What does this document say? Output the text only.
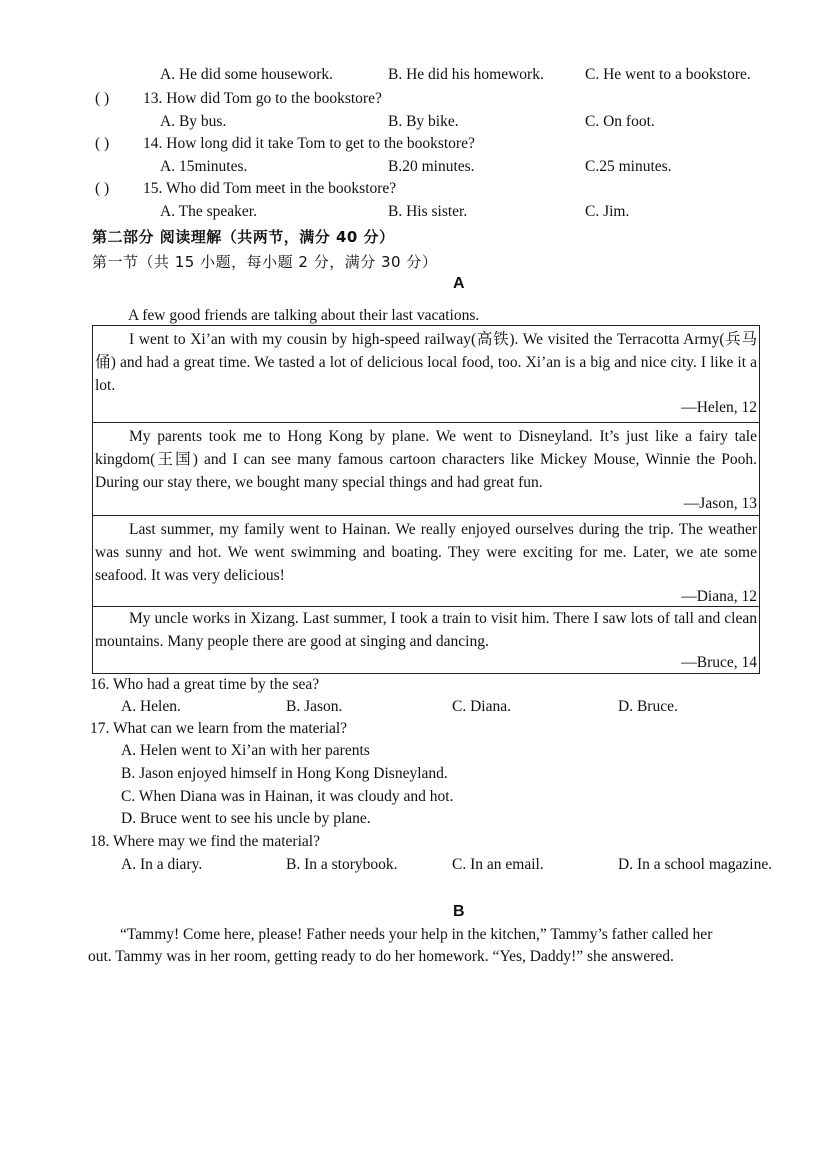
A. He did some housework.	B. He did his homework.	C. He went to a bookstore.
( ) 13. How did Tom go to the bookstore?
A. By bus.	B. By bike.	C. On foot.
( ) 14. How long did it take Tom to get to the bookstore?
A. 15minutes.	B.20 minutes.	C.25 minutes.
( ) 15. Who did Tom meet in the bookstore?
A. The speaker.	B. His sister.	C. Jim.
第二部分 阅读理解（共两节，满分 40 分）
第一节（共 15 小题，每小题 2 分，满分 30 分）
A
A few good friends are talking about their last vacations.

I went to Xi’an with my cousin by high-speed railway(高铁). We visited the Terracotta Army(兵马俑) and had a great time. We tasted a lot of delicious local food, too. Xi’an is a big and nice city. I like it a lot.

—Helen, 12

My parents took me to Hong Kong by plane. We went to Disneyland. It’s just like a fairy tale kingdom(王国) and I can see many famous cartoon characters like Mickey Mouse, Winnie the Pooh. During our stay there, we bought many special things and had great fun.

—Jason, 13

Last summer, my family went to Hainan. We really enjoyed ourselves during the trip. The weather was sunny and hot. We went swimming and boating. They were exciting for me. Later, we ate some seafood. It was very delicious!

—Diana, 12

My uncle works in Xizang. Last summer, I took a train to visit him. There I saw lots of tall and clean mountains. Many people there are good at singing and dancing.

—Bruce, 14
16. Who had a great time by the sea?
A. Helen.	B. Jason.	C. Diana.	D. Bruce.
17. What can we learn from the material?
A. Helen went to Xi’an with her parents
B. Jason enjoyed himself in Hong Kong Disneyland.
C. When Diana was in Hainan, it was cloudy and hot.
D. Bruce went to see his uncle by plane.
18. Where may we find the material?
A. In a diary.	B. In a storybook.	C. In an email.	D. In a school magazine.
B
“Tammy! Come here, please! Father needs your help in the kitchen,” Tammy’s father called her
out. Tammy was in her room, getting ready to do her homework. “Yes, Daddy!” she answered.
